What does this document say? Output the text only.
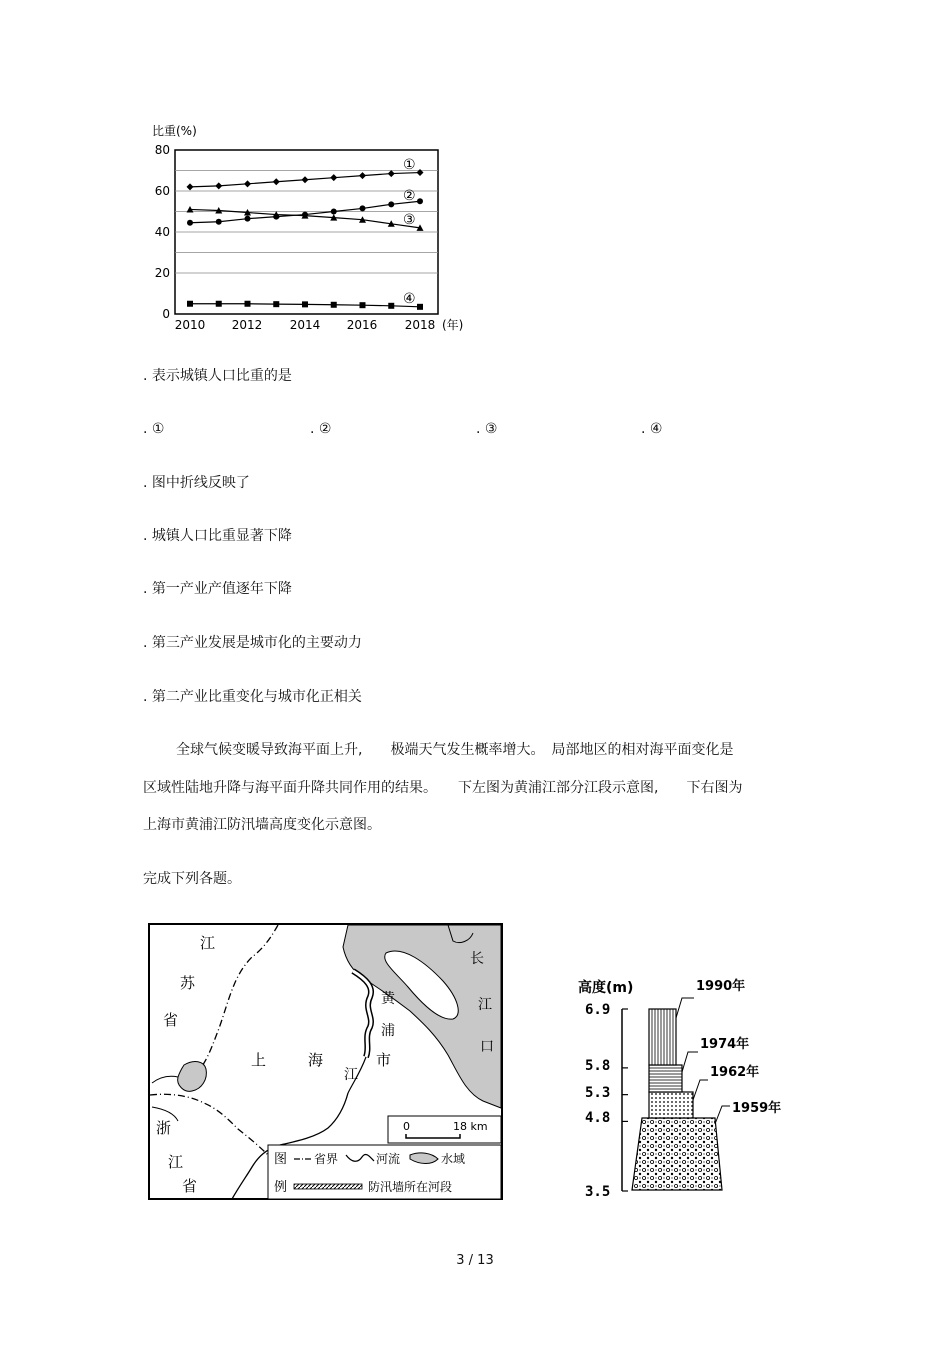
比重(%)
0
20
40
60
80
2010 2012 2014 2016 2018 (年)
①
②
③
④
. 表示城镇人口比重的是
. ①	. ②	. ③	. ④
. 图中折线反映了
. 城镇人口比重显著下降
. 第一产业产值逐年下降
. 第三产业发展是城市化的主要动力
. 第二产业比重变化与城市化正相关
全球气候变暖导致海平面上升,　　极端天气发生概率增大。　局部地区的相对海平面变化是
区域性陆地升降与海平面升降共同作用的结果。　　下左图为黄浦江部分江段示意图,　　下右图为
上海市黄浦江防汛墙高度变化示意图。
完成下列各题。
江
苏
省
浙
江
省
上	海	市
黄
浦
江
长
江
口
0	18 km
图
例
省界	河流	水域
防汛墙所在河段
高度(m)
6.9
5.8
5.3
4.8
3.5
1990年
1974年
1962年
1959年
3 / 13
